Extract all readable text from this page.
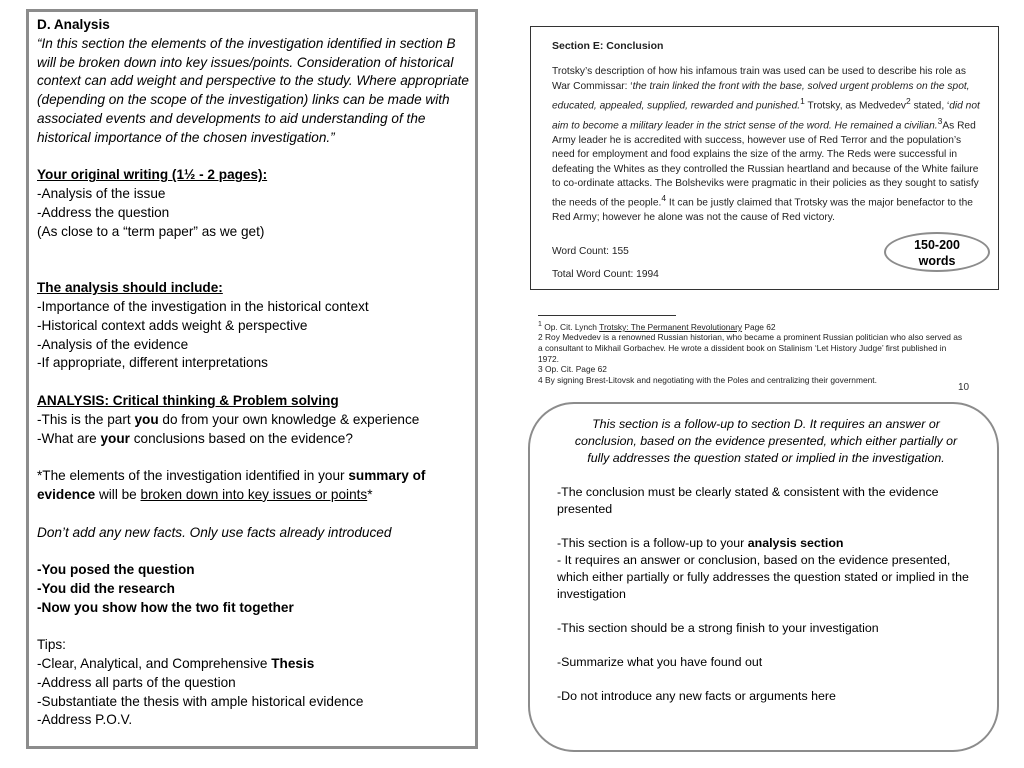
D. Analysis

“In this section the elements of the investigation identified in section B will be broken down into key issues/points. Consideration of historical context can add weight and perspective to the study. Where appropriate (depending on the scope of the investigation) links can be made with associated events and developments to aid understanding of the historical importance of the chosen investigation.”

Your original writing (1½ - 2 pages):

-Analysis of the issue

-Address the question

(As close to a “term paper” as we get)

The analysis should include:

-Importance of the investigation in the historical context

-Historical context adds weight & perspective

-Analysis of the evidence

-If appropriate, different interpretations

ANALYSIS: Critical thinking & Problem solving

-This is the part you do from your own knowledge & experience

-What are your conclusions based on the evidence?

*The elements of the investigation identified in your summary of evidence will be broken down into key issues or points*

Don’t add any new facts. Only use facts already introduced

-You posed the question

-You did the research

-Now you show how the two fit together

Tips:

-Clear, Analytical, and Comprehensive Thesis

-Address all parts of the question

-Substantiate the thesis with ample historical evidence

-Address P.O.V.

Section E: Conclusion

Trotsky’s description of how his infamous train was used can be used to describe his role as War Commissar: ‘the train linked the front with the base, solved urgent problems on the spot, educated, appealed, supplied, rewarded and punished.$^1$ Trotsky, as Medvedev$^2$ stated, ‘did not aim to become a military leader in the strict sense of the word. He remained a civilian.$^3$As Red Army leader he is accredited with success, however use of Red Terror and the population’s need for employment and food explains the size of the army. The Reds were successful in defeating the Whites as they controlled the Russian heartland and because of the White failure to co-ordinate attacks. The Bolsheviks were pragmatic in their policies as they sought to satisfy the needs of the people.$^4$ It can be justly claimed that Trotsky was the major benefactor to the Red Army; however he alone was not the cause of Red victory.

Word Count: 155
Total Word Count: 1994
150-200
words

$^1$ Op. Cit. Lynch Trotsky: The Permanent Revolutionary Page 62

2 Roy Medvedev is a renowned Russian historian, who became a prominent Russian politician who also served as a consultant to Mikhail Gorbachev. He wrote a dissident book on Stalinism ‘Let History Judge’ first published in 1972.

3 Op. Cit. Page 62

4 By signing Brest-Litovsk and negotiating with the Poles and centralizing their government.

10

This section is a follow-up to section D. It requires an answer or conclusion, based on the evidence presented, which either partially or fully addresses the question stated or implied in the investigation.

-The conclusion must be clearly stated & consistent with the evidence presented

-This section is a follow-up to your analysis section

- It requires an answer or conclusion, based on the evidence presented, which either partially or fully addresses the question stated or implied in the investigation

-This section should be a strong finish to your investigation

-Summarize what you have found out

-Do not introduce any new facts or arguments here
